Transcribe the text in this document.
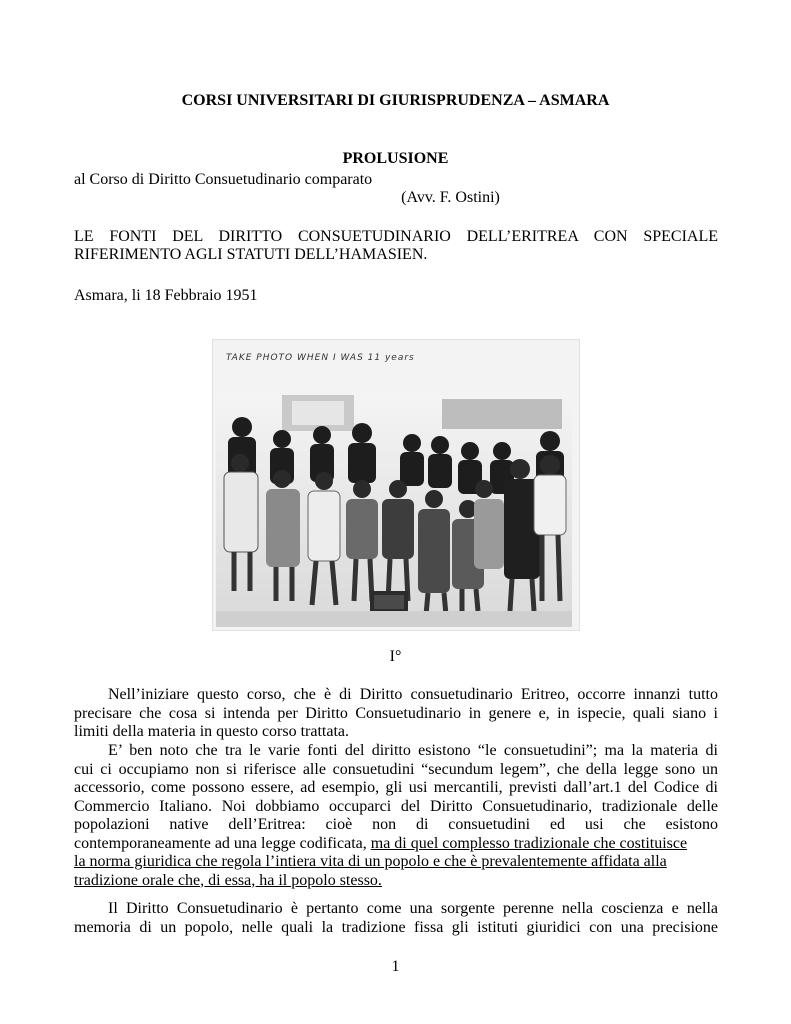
CORSI UNIVERSITARI DI GIURISPRUDENZA – ASMARA
PROLUSIONE
al Corso di Diritto Consuetudinario comparato
(Avv. F. Ostini)
LE FONTI DEL DIRITTO CONSUETUDINARIO DELL’ERITREA CON SPECIALE
RIFERIMENTO AGLI STATUTI DELL’HAMASIEN.
Asmara, li 18 Febbraio 1951
TAKE PHOTO WHEN I WAS 11 years
I°
Nell’iniziare questo corso, che è di Diritto consuetudinario Eritreo, occorre innanzi tutto
precisare che cosa si intenda per Diritto Consuetudinario in genere e, in ispecie, quali siano i
limiti della materia in questo corso trattata.
E’ ben noto che tra le varie fonti del diritto esistono “le consuetudini”; ma la materia di
cui ci occupiamo non si riferisce alle consuetudini “secundum legem”, che della legge sono un
accessorio, come possono essere, ad esempio, gli usi mercantili, previsti dall’art.1 del Codice di
Commercio Italiano. Noi dobbiamo occuparci del Diritto Consuetudinario, tradizionale delle
popolazioni native dell’Eritrea: cioè non di consuetudini ed usi che esistono
contemporaneamente ad una legge codificata, ma di quel complesso tradizionale che costituisce
la norma giuridica che regola l’intiera vita di un popolo e che è prevalentemente affidata alla
tradizione orale che, di essa, ha il popolo stesso.
Il Diritto Consuetudinario è pertanto come una sorgente perenne nella coscienza e nella
memoria di un popolo, nelle quali la tradizione fissa gli istituti giuridici con una precisione
1
